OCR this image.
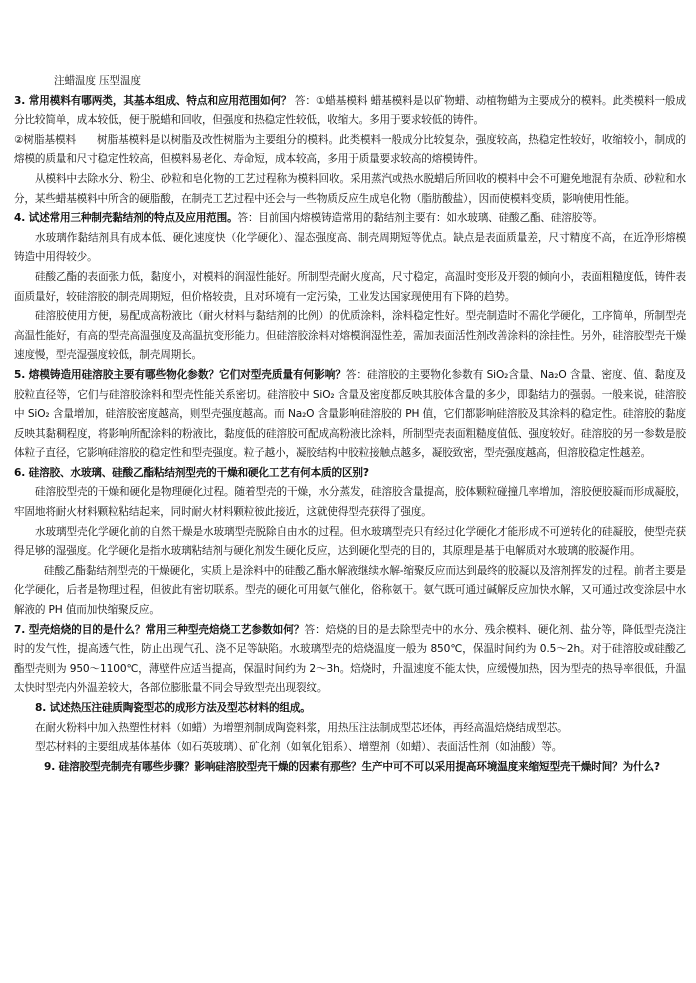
注蜡温度 压型温度

3. 常用模料有哪两类，其基本组成、特点和应用范围如何？ 答：①蜡基模料 蜡基模料是以矿物蜡、动植物蜡为主要成分的模料。此类模料一般成分比较简单，成本较低，便于脱蜡和回收，但强度和热稳定性较低，收缩大。多用于要求较低的铸件。

②树脂基模料　　树脂基模料是以树脂及改性树脂为主要组分的模料。此类模料一般成分比较复杂，强度较高，热稳定性较好，收缩较小，制成的熔模的质量和尺寸稳定性较高，但模料易老化、寿命短，成本较高，多用于质量要求较高的熔模铸件。

从模料中去除水分、粉尘、砂粒和皂化物的工艺过程称为模料回收。采用蒸汽或热水脱蜡后所回收的模料中会不可避免地混有杂质、砂粒和水分，某些蜡基模料中所含的硬脂酸，在制壳工艺过程中还会与一些物质反应生成皂化物（脂肪酸盐），因而使模料变质，影响使用性能。

4. 试述常用三种制壳黏结剂的特点及应用范围。答：目前国内熔模铸造常用的黏结剂主要有：如水玻璃、硅酸乙酯、硅溶胶等。

水玻璃作黏结剂具有成本低、硬化速度快（化学硬化）、湿态强度高、制壳周期短等优点。缺点是表面质量差，尺寸精度不高，在近净形熔模铸造中用得较少。

硅酸乙酯的表面张力低，黏度小，对模料的润湿性能好。所制型壳耐火度高，尺寸稳定，高温时变形及开裂的倾向小，表面粗糙度低，铸件表面质量好，较硅溶胶的制壳周期短，但价格较贵，且对环境有一定污染，工业发达国家现使用有下降的趋势。

硅溶胶使用方便，易配成高粉液比（耐火材料与黏结剂的比例）的优质涂料，涂料稳定性好。型壳制造时不需化学硬化，工序简单，所制型壳高温性能好，有高的型壳高温强度及高温抗变形能力。但硅溶胶涂料对熔模润湿性差，需加表面活性剂改善涂料的涂挂性。另外，硅溶胶型壳干燥速度慢，型壳湿强度较低，制壳周期长。

5. 熔模铸造用硅溶胶主要有哪些物化参数？它们对型壳质量有何影响？答：硅溶胶的主要物化参数有 SiO₂含量、Na₂O 含量、密度、值、黏度及胶粒直径等，它们与硅溶胶涂料和型壳性能关系密切。硅溶胶中 SiO₂ 含量及密度都反映其胶体含量的多少，即黏结力的强弱。一般来说，硅溶胶中 SiO₂ 含量增加，硅溶胶密度越高，则型壳强度越高。而 Na₂O 含量影响硅溶胶的 PH 值，它们都影响硅溶胶及其涂料的稳定性。硅溶胶的黏度反映其黏稠程度，将影响所配涂料的粉液比，黏度低的硅溶胶可配成高粉液比涂料，所制型壳表面粗糙度值低、强度较好。硅溶胶的另一参数是胶体粒子直径，它影响硅溶胶的稳定性和型壳强度。粒子越小，凝胶结构中胶粒接触点越多，凝胶致密，型壳强度越高，但溶胶稳定性越差。

6. 硅溶胶、水玻璃、硅酸乙酯粘结剂型壳的干燥和硬化工艺有何本质的区别?

硅溶胶型壳的干燥和硬化是物理硬化过程。随着型壳的干燥，水分蒸发，硅溶胶含量提高，胶体颗粒碰撞几率增加，溶胶便胶凝而形成凝胶，牢固地将耐火材料颗粒粘结起来，同时耐火材料颗粒彼此接近，这就使得型壳获得了强度。

水玻璃型壳化学硬化前的自然干燥是水玻璃型壳脱除自由水的过程。但水玻璃型壳只有经过化学硬化才能形成不可逆转化的硅凝胶，使型壳获得足够的湿强度。化学硬化是指水玻璃粘结剂与硬化剂发生硬化反应，达到硬化型壳的目的，其原理是基于电解质对水玻璃的胶凝作用。

硅酸乙酯黏结剂型壳的干燥硬化，实质上是涂料中的硅酸乙酯水解液继续水解-缩聚反应而达到最终的胶凝以及溶剂挥发的过程。前者主要是化学硬化，后者是物理过程，但彼此有密切联系。型壳的硬化可用氨气催化，俗称氨干。氨气既可通过碱解反应加快水解，又可通过改变涂层中水解液的 PH 值而加快缩聚反应。

7. 型壳焙烧的目的是什么？常用三种型壳焙烧工艺参数如何？答：焙烧的目的是去除型壳中的水分、残余模料、硬化剂、盐分等，降低型壳浇注时的发气性，提高透气性，防止出现气孔、浇不足等缺陷。水玻璃型壳的焙烧温度一般为 850℃，保温时间约为 0.5～2h。对于硅溶胶或硅酸乙酯型壳则为 950～1100℃，薄壁件应适当提高，保温时间约为 2～3h。焙烧时，升温速度不能太快，应缓慢加热，因为型壳的热导率很低，升温太快时型壳内外温差较大，各部位膨胀量不同会导致型壳出现裂纹。

8. 试述热压注硅质陶瓷型芯的成形方法及型芯材料的组成。

在耐火粉料中加入热塑性材料（如蜡）为增塑剂制成陶瓷料浆，用热压注法制成型芯坯体，再经高温焙烧结成型芯。

型芯材料的主要组成基体基体（如石英玻璃）、矿化剂（如氧化铝系）、增塑剂（如蜡）、表面活性剂（如油酸）等。

9. 硅溶胶型壳制壳有哪些步骤？影响硅溶胶型壳干燥的因素有那些？生产中可不可以采用提高环境温度来缩短型壳干燥时间？为什么?
